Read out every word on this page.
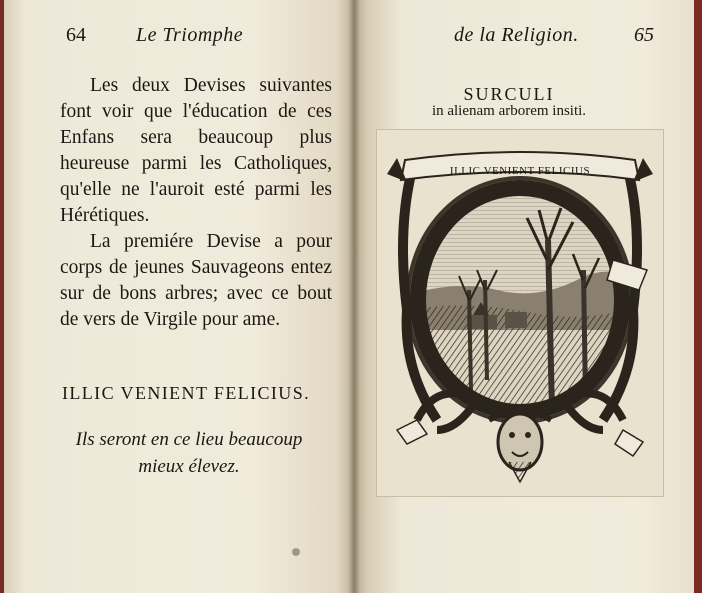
64	Le Triomphe

Les deux Devises suivantes font voir que l'éducation de ces Enfans sera beaucoup plus heureuse parmi les Catholiques, qu'elle ne l'auroit esté parmi les Hérétiques.

La premiére Devise a pour corps de jeunes Sauvageons entez sur de bons arbres; avec ce bout de vers de Virgile pour ame.

ILLIC VENIENT FELICIUS.
Ils seront en ce lieu beaucoup
mieux élevez.
de la Religion.	65
SURCULI
in alienam arborem insiti.
ILLIC VENIENT FELICIUS
